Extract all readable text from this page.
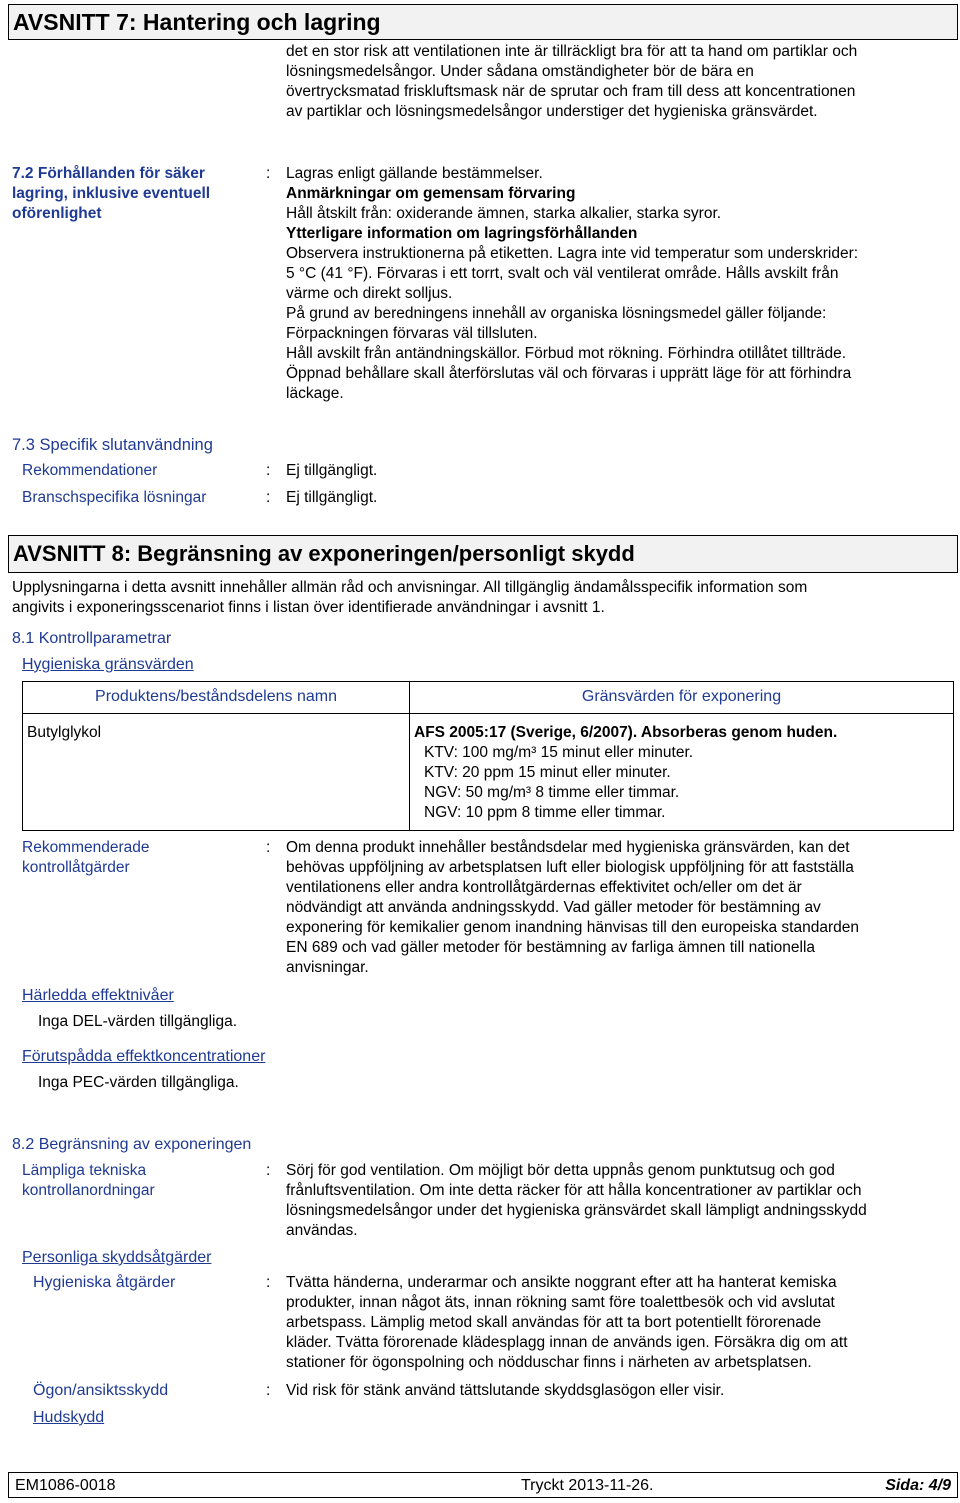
AVSNITT 7: Hantering och lagring
det en stor risk att ventilationen inte är tillräckligt bra för att ta hand om partiklar och
lösningsmedelsångor. Under sådana omständigheter bör de bära en
övertrycksmatad friskluftsmask när de sprutar och fram till dess att koncentrationen
av partiklar och lösningsmedelsångor understiger det hygieniska gränsvärdet.
7.2 Förhållanden för säker
lagring, inklusive eventuell
oförenlighet
: Lagras enligt gällande bestämmelser.
Anmärkningar om gemensam förvaring
Håll åtskilt från: oxiderande ämnen, starka alkalier, starka syror.
Ytterligare information om lagringsförhållanden
Observera instruktionerna på etiketten. Lagra inte vid temperatur som underskrider:
5 °C (41 °F). Förvaras i ett torrt, svalt och väl ventilerat område. Hålls avskilt från
värme och direkt solljus.
På grund av beredningens innehåll av organiska lösningsmedel gäller följande:
Förpackningen förvaras väl tillsluten.
Håll avskilt från antändningskällor. Förbud mot rökning. Förhindra otillåtet tillträde.
Öppnad behållare skall återförslutas väl och förvaras i upprätt läge för att förhindra
läckage.
7.3 Specifik slutanvändning
Rekommendationer	: Ej tillgängligt.
Branschspecifika lösningar	: Ej tillgängligt.
AVSNITT 8: Begränsning av exponeringen/personligt skydd
Upplysningarna i detta avsnitt innehåller allmän råd och anvisningar. All tillgänglig ändamålsspecifik information som
angivits i exponeringsscenariot finns i listan över identifierade användningar i avsnitt 1.
8.1 Kontrollparametrar
Hygieniska gränsvärden
Produktens/beståndsdelens namn	Gränsvärden för exponering
Butylglykol	AFS 2005:17 (Sverige, 6/2007). Absorberas genom huden.
KTV: 100 mg/m³ 15 minut eller minuter.
KTV: 20 ppm 15 minut eller minuter.
NGV: 50 mg/m³ 8 timme eller timmar.
NGV: 10 ppm 8 timme eller timmar.
Rekommenderade
kontrollåtgärder
: Om denna produkt innehåller beståndsdelar med hygieniska gränsvärden, kan det
behövas uppföljning av arbetsplatsen luft eller biologisk uppföljning för att fastställa
ventilationens eller andra kontrollåtgärdernas effektivitet och/eller om det är
nödvändigt att använda andningsskydd. Vad gäller metoder för bestämning av
exponering för kemikalier genom inandning hänvisas till den europeiska standarden
EN 689 och vad gäller metoder för bestämning av farliga ämnen till nationella
anvisningar.
Härledda effektnivåer
Inga DEL-värden tillgängliga.
Förutspådda effektkoncentrationer
Inga PEC-värden tillgängliga.
8.2 Begränsning av exponeringen
Lämpliga tekniska
kontrollanordningar
: Sörj för god ventilation. Om möjligt bör detta uppnås genom punktutsug och god
frånluftsventilation. Om inte detta räcker för att hålla koncentrationer av partiklar och
lösningsmedelsångor under det hygieniska gränsvärdet skall lämpligt andningsskydd
användas.
Personliga skyddsåtgärder
Hygieniska åtgärder	: Tvätta händerna, underarmar och ansikte noggrant efter att ha hanterat kemiska
produkter, innan något äts, innan rökning samt före toalettbesök och vid avslutat
arbetspass. Lämplig metod skall användas för att ta bort potentiellt förorenade
kläder. Tvätta förorenade klädesplagg innan de används igen. Försäkra dig om att
stationer för ögonspolning och nödduschar finns i närheten av arbetsplatsen.
Ögon/ansiktsskydd	: Vid risk för stänk använd tättslutande skyddsglasögon eller visir.
Hudskydd
EM1086-0018	Tryckt 2013-11-26.	Sida: 4/9
